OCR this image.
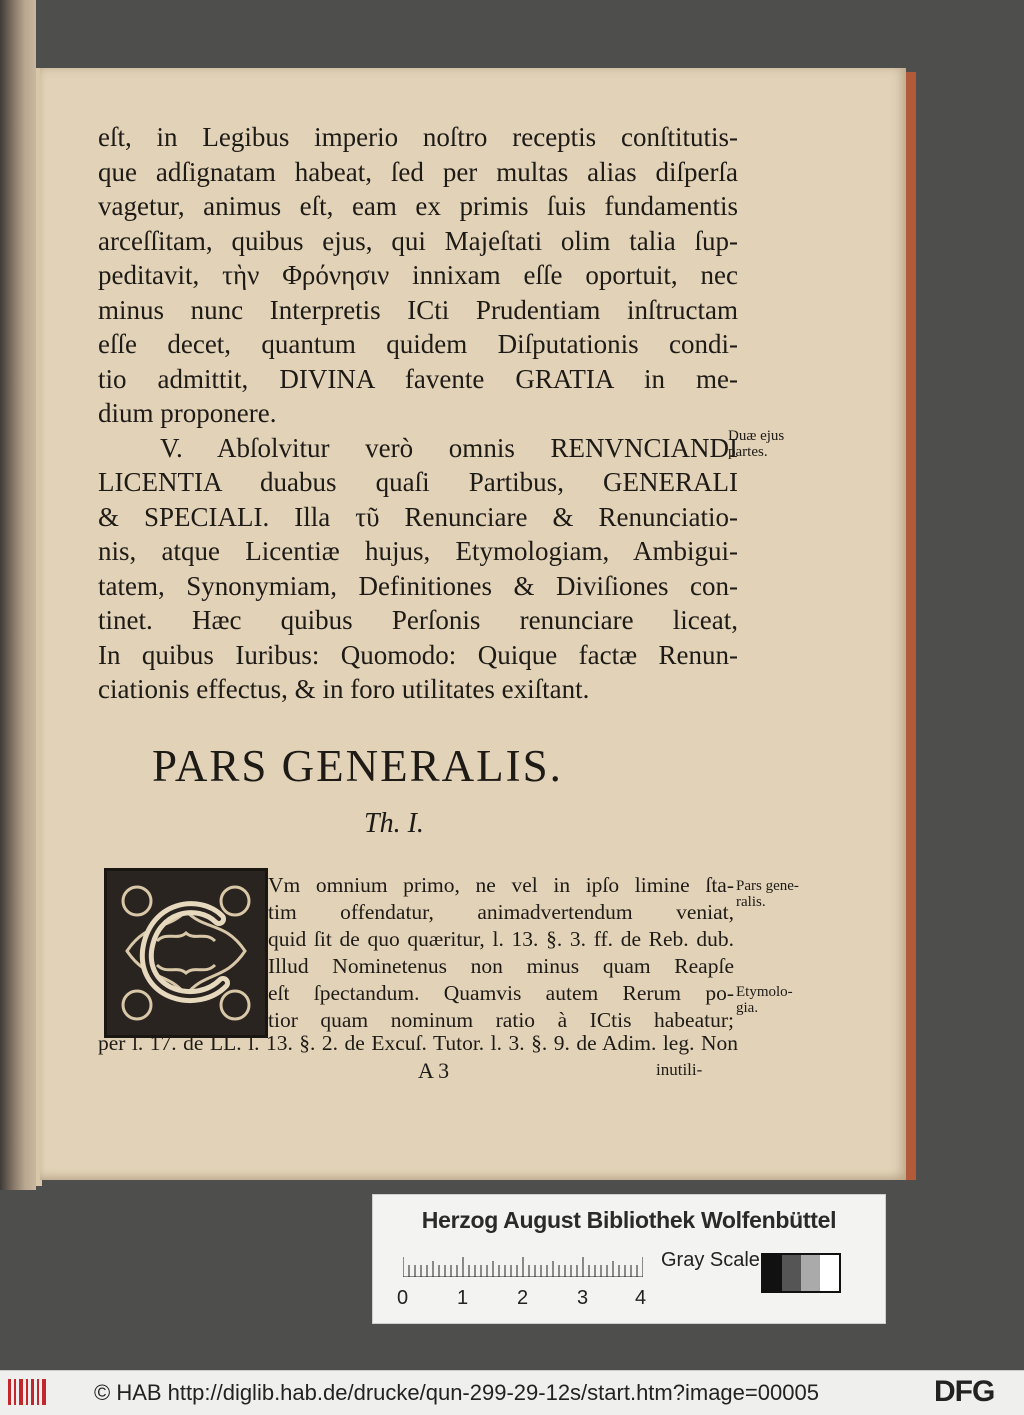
eſt, in Legibus imperio noſtro receptis conſtitutis-
que adſignatam habeat, ſed per multas alias diſperſa
vagetur, animus eſt, eam ex primis ſuis fundamentis
arceſſitam, quibus ejus, qui Majeſtati olim talia ſup-
peditavit, τὴν Φρόνησιν innixam eſſe oportuit, nec
minus nunc Interpretis ICti Prudentiam inſtructam
eſſe decet, quantum quidem Diſputationis condi-
tio admittit, DIVINA favente GRATIA in me-
dium proponere.
V. Abſolvitur verò omnis RENVNCIANDI
LICENTIA duabus quaſi Partibus, GENERALI
& SPECIALI. Illa τῦ Renunciare & Renunciatio-
nis, atque Licentiæ hujus, Etymologiam, Ambigui-
tatem, Synonymiam, Definitiones & Diviſiones con-
tinet. Hæc quibus Perſonis renunciare liceat,
In quibus Iuribus: Quomodo: Quique factæ Renun-
ciationis effectus, & in foro utilitates exiſtant.
Duæ ejus
partes.
PARS GENERALIS.
Th. I.
Vm omnium primo, ne vel in ipſo limine ſta-
tim offendatur, animadvertendum veniat,
quid ſit de quo quæritur, l. 13. §. 3. ff. de Reb. dub.
Illud Nominetenus non minus quam Reapſe
eſt ſpectandum. Quamvis autem Rerum po-
tior quam nominum ratio à ICtis habeatur;
per l. 17. de LL. l. 13. §. 2. de Excuſ. Tutor. l. 3. §. 9. de Adim. leg. Non
Pars gene-
ralis.
Etymolo-
gia.
A 3	inutili-
Herzog August Bibliothek Wolfenbüttel
0 1 2 3 4
Gray Scale
© HAB http://diglib.hab.de/drucke/qun-299-29-12s/start.htm?image=00005	DFG
